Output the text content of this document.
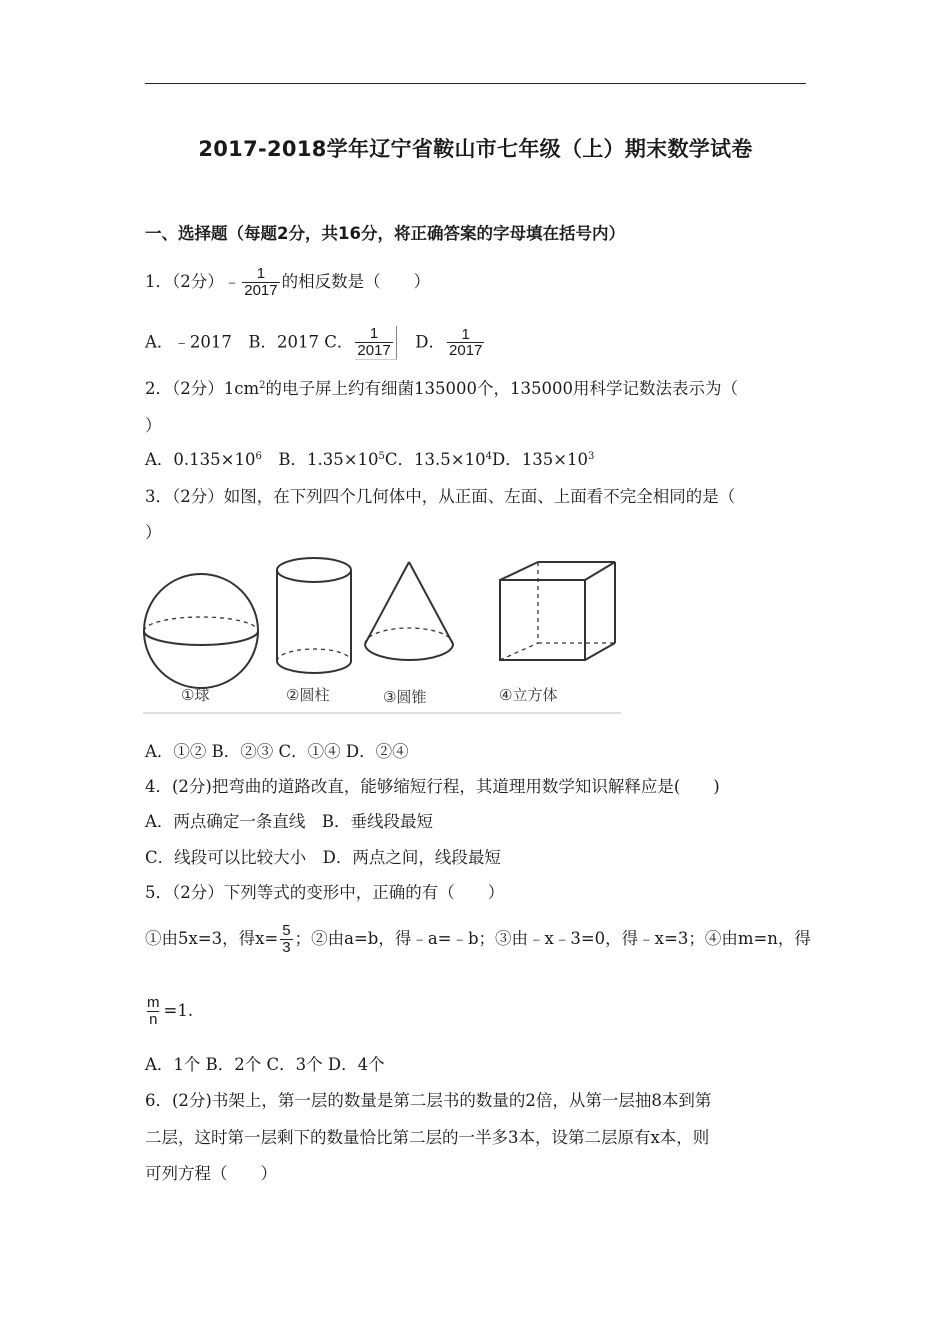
2017-2018学年辽宁省鞍山市七年级（上）期末数学试卷
一、选择题（每题2分，共16分，将正确答案的字母填在括号内）
1．（2分）﹣ $\frac{1}{2017}$ 的相反数是（　　）
A．﹣2017　B．2017 C． $\frac{1}{2017}$ 　D． $\frac{1}{2017}$
2．（2分）$1cm^2$的电子屏上约有细菌135000个，135000用科学记数法表示为（
）
A．$0.135\times 10^6$　B．$1.35\times 10^5C$．$13.5\times 10^4D$．$135\times 10^3$
3．（2分）如图，在下列四个几何体中，从正面、左面、上面看不完全相同的是（
）
①球	②圆柱	③圆锥	④立方体
A．①② B．②③ C．①④ D．②④
4．(2分)把弯曲的道路改直，能够缩短行程，其道理用数学知识解释应是(　　)
A．两点确定一条直线　B．垂线段最短
C．线段可以比较大小　D．两点之间，线段最短
5．（2分）下列等式的变形中，正确的有（　　）
①由5x=3，得$x= \frac{5}{3}$ ；②由a=b，得﹣a=﹣b；③由﹣x﹣3=0，得﹣x=3；④由m=n，得
$\frac{m}{n} =1$.
A．1个 B．2个 C．3个 D．4个
6．(2分)书架上，第一层的数量是第二层书的数量的2倍，从第一层抽8本到第
二层，这时第一层剩下的数量恰比第二层的一半多3本，设第二层原有x本，则
可列方程（　　）
